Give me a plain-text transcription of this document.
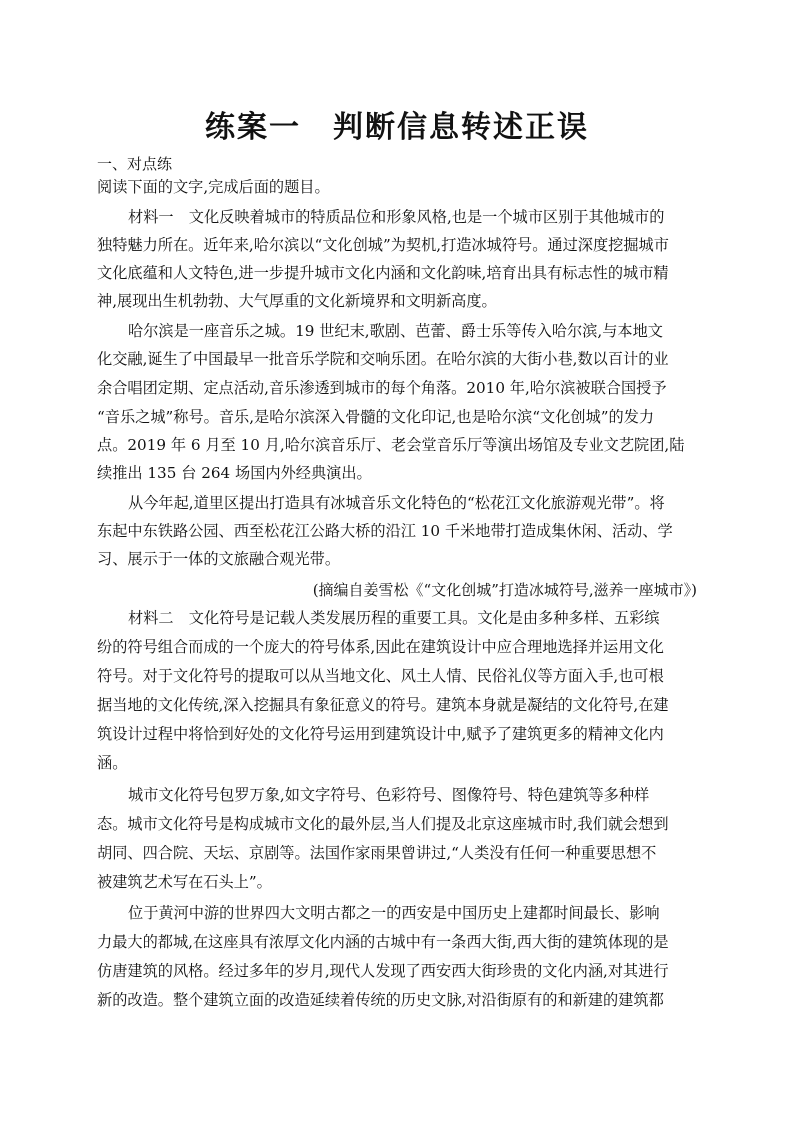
练案一　判断信息转述正误
一、对点练
阅读下面的文字,完成后面的题目。
材料一　 文化反映着城市的特质品位和形象风格,也是一个城市区别于其他城市的
独特魅力所在。近年来,哈尔滨以“文化创城”为契机,打造冰城符号。通过深度挖掘城市
文化底蕴和人文特色,进一步提升城市文化内涵和文化韵味,培育出具有标志性的城市精
神,展现出生机勃勃、大气厚重的文化新境界和文明新高度。
哈尔滨是一座音乐之城。19 世纪末,歌剧、芭蕾、爵士乐等传入哈尔滨,与本地文
化交融,诞生了中国最早一批音乐学院和交响乐团。在哈尔滨的大街小巷,数以百计的业
余合唱团定期、定点活动,音乐渗透到城市的每个角落。2010 年,哈尔滨被联合国授予
“音乐之城”称号。音乐,是哈尔滨深入骨髓的文化印记,也是哈尔滨“文化创城”的发力
点。2019 年 6 月至 10 月,哈尔滨音乐厅、老会堂音乐厅等演出场馆及专业文艺院团,陆
续推出 135 台 264 场国内外经典演出。
从今年起,道里区提出打造具有冰城音乐文化特色的“松花江文化旅游观光带”。将
东起中东铁路公园、西至松花江公路大桥的沿江 10 千米地带打造成集休闲、活动、学
习、展示于一体的文旅融合观光带。
(摘编自姜雪松《“文化创城”打造冰城符号,滋养一座城市》)
材料二　 文化符号是记载人类发展历程的重要工具。文化是由多种多样、五彩缤
纷的符号组合而成的一个庞大的符号体系,因此在建筑设计中应合理地选择并运用文化
符号。对于文化符号的提取可以从当地文化、风土人情、民俗礼仪等方面入手,也可根
据当地的文化传统,深入挖掘具有象征意义的符号。建筑本身就是凝结的文化符号,在建
筑设计过程中将恰到好处的文化符号运用到建筑设计中,赋予了建筑更多的精神文化内
涵。
城市文化符号包罗万象,如文字符号、色彩符号、图像符号、特色建筑等多种样
态。城市文化符号是构成城市文化的最外层,当人们提及北京这座城市时,我们就会想到
胡同、四合院、天坛、京剧等。法国作家雨果曾讲过,“人类没有任何一种重要思想不
被建筑艺术写在石头上”。
位于黄河中游的世界四大文明古都之一的西安是中国历史上建都时间最长、影响
力最大的都城,在这座具有浓厚文化内涵的古城中有一条西大街,西大街的建筑体现的是
仿唐建筑的风格。经过多年的岁月,现代人发现了西安西大街珍贵的文化内涵,对其进行
新的改造。整个建筑立面的改造延续着传统的历史文脉,对沿街原有的和新建的建筑都
